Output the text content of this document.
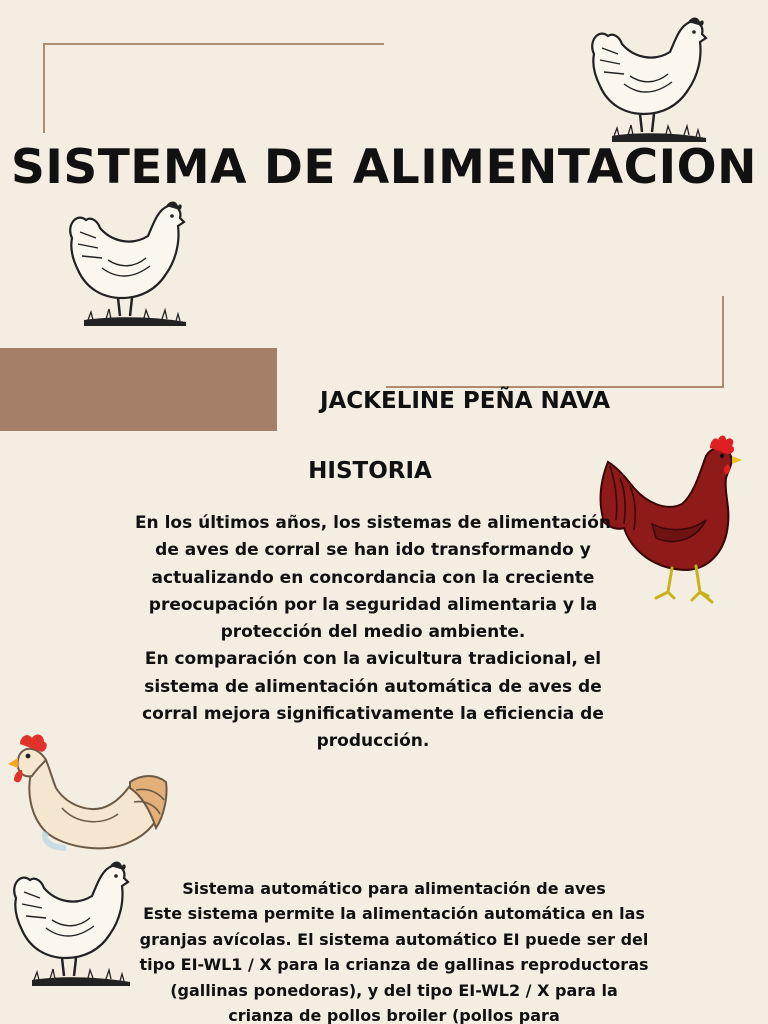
SISTEMA DE ALIMENTACION
JACKELINE PEÑA NAVA
HISTORIA

En los últimos años, los sistemas de alimentación de aves de corral se han ido transformando y actualizando en concordancia con la creciente preocupación por la seguridad alimentaria y la protección del medio ambiente.

En comparación con la avicultura tradicional, el sistema de alimentación automática de aves de corral mejora significativamente la eficiencia de producción.

Sistema automático para alimentación de aves

Este sistema permite la alimentación automática en las granjas avícolas. El sistema automático EI puede ser del tipo EI-WL1 / X para la crianza de gallinas reproductoras (gallinas ponedoras), y del tipo EI-WL2 / X para la crianza de pollos broiler (pollos para
